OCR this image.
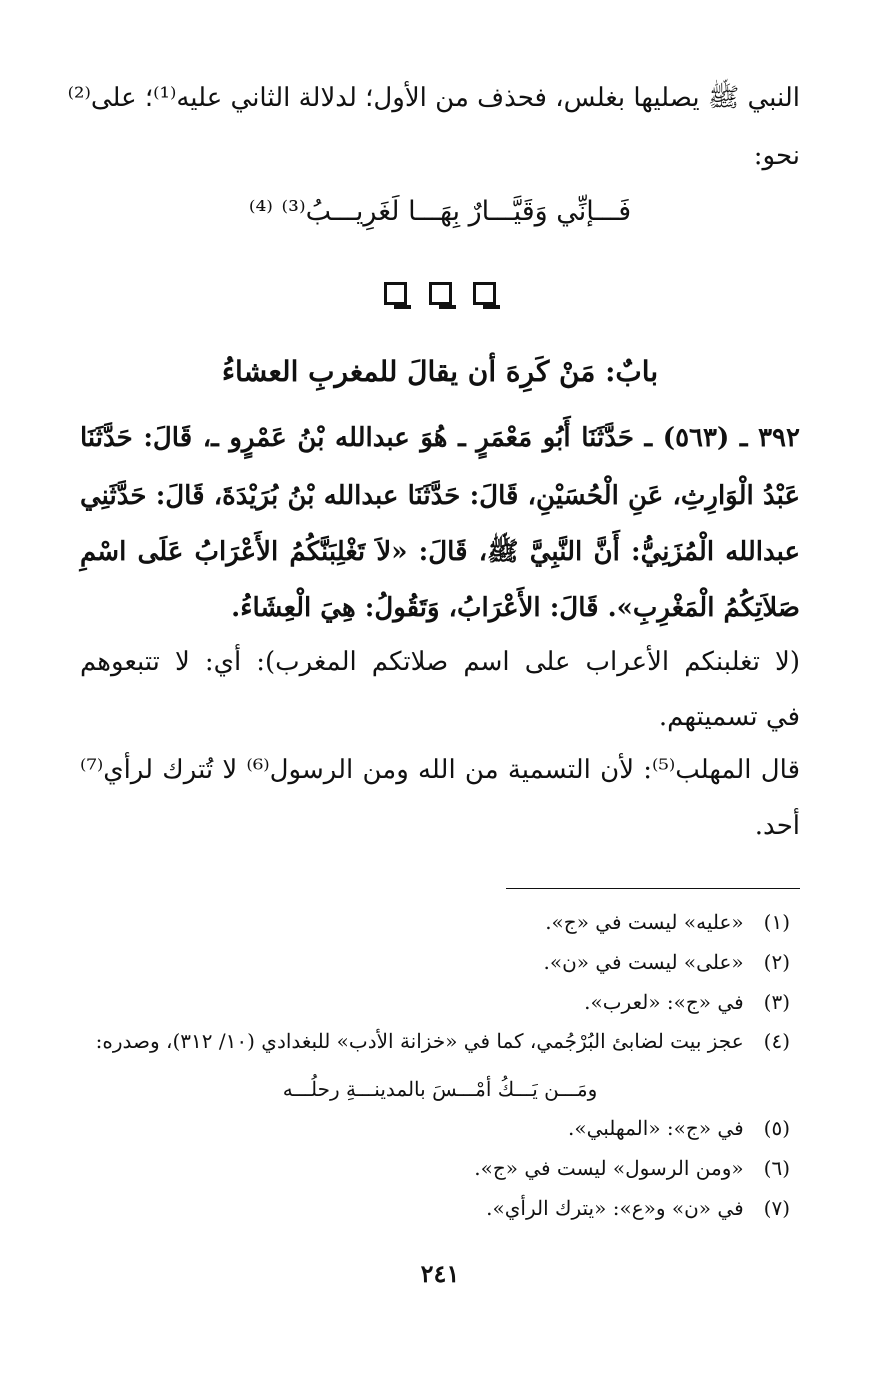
النبي ﷺ يصليها بغلس، فحذف من الأول؛ لدلالة الثاني عليه⁽¹⁾؛ على⁽²⁾
نحو:
فَـــإنِّي وَقَيَّـــارٌ بِهَـــا لَغَرِيـــبُ⁽³⁾ ⁽⁴⁾

بابٌ: مَنْ كَرِهَ أن يقالَ للمغربِ العشاءُ
٣٩٢ ـ (٥٦٣) ـ حَدَّثَنَا أَبُو مَعْمَرٍ ـ هُوَ عبدالله بْنُ عَمْرٍو ـ، قَالَ: حَدَّثَنَا
عَبْدُ الْوَارِثِ، عَنِ الْحُسَيْنِ، قَالَ: حَدَّثَنَا عبدالله بْنُ بُرَيْدَةَ، قَالَ: حَدَّثَنِي
عبدالله الْمُزَنِيُّ: أَنَّ النَّبِيَّ ﷺ، قَالَ: «لاَ تَغْلِبَنَّكُمُ الأَعْرَابُ عَلَى اسْمِ
صَلاَتِكُمُ الْمَغْرِبِ». قَالَ: الأَعْرَابُ، وَتَقُولُ: هِيَ الْعِشَاءُ.
(لا تغلبنكم الأعراب على اسم صلاتكم المغرب): أي: لا تتبعوهم
في تسميتهم.
قال المهلب⁽⁵⁾: لأن التسمية من الله ومن الرسول⁽⁶⁾ لا تُترك لرأي⁽⁷⁾
أحد.
(١) «عليه» ليست في «ج».
(٢) «على» ليست في «ن».
(٣) في «ج»: «لعرب».
(٤) عجز بيت لضابئ البُرْجُمي، كما في «خزانة الأدب» للبغدادي (١٠/ ٣١٢)، وصدره:
ومَـــن يَـــكُ أمْـــسَ بالمدينـــةِ رحلُـــه
(٥) في «ج»: «المهلبي».
(٦) «ومن الرسول» ليست في «ج».
(٧) في «ن» و«ع»: «يترك الرأي».
٢٤١
